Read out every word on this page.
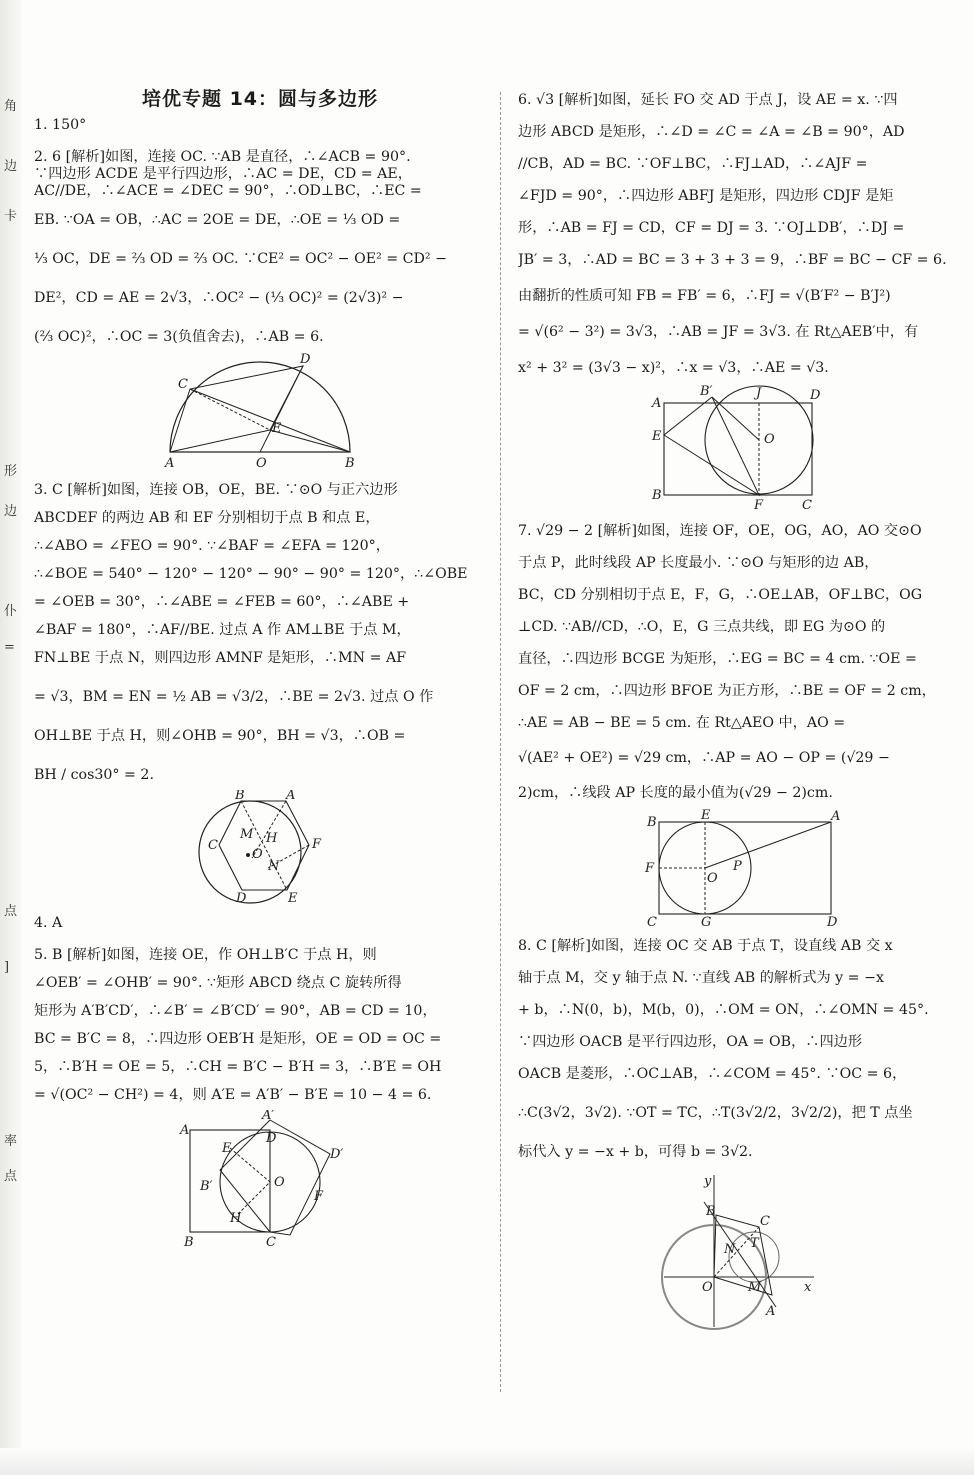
角
边
卡
形
边
仆
=
点
]
率
点
培优专题 14：圆与多边形
1. 150°
2. 6 [解析]如图，连接 OC. ∵AB 是直径，∴∠ACB = 90°.
∵四边形 ACDE 是平行四边形，∴AC = DE，CD = AE，
AC//DE，∴∠ACE = ∠DEC = 90°，∴OD⊥BC，∴EC =
EB. ∵OA = OB，∴AC = 2OE = DE，∴OE = ⅓ OD =
⅓ OC，DE = ⅔ OD = ⅔ OC. ∵CE² = OC² − OE² = CD² −
DE²，CD = AE = 2√3，∴OC² − (⅓ OC)² = (2√3)² −
(⅔ OC)²，∴OC = 3(负值舍去)，∴AB = 6.
C
D
E
A	O	B
3. C [解析]如图，连接 OB，OE，BE. ∵⊙O 与正六边形
ABCDEF 的两边 AB 和 EF 分别相切于点 B 和点 E，
∴∠ABO = ∠FEO = 90°. ∵∠BAF = ∠EFA = 120°，
∴∠BOE = 540° − 120° − 120° − 90° − 90° = 120°，∴∠OBE
= ∠OEB = 30°，∴∠ABE = ∠FEB = 60°，∴∠ABE +
∠BAF = 180°，∴AF//BE. 过点 A 作 AM⊥BE 于点 M，
FN⊥BE 于点 N，则四边形 AMNF 是矩形，∴MN = AF
= √3，BM = EN = ½ AB = √3/2，∴BE = 2√3. 过点 O 作
OH⊥BE 于点 H，则∠OHB = 90°，BH = √3，∴OB =
BH / cos30° = 2.
B	A
M H
C
O
N
F
D	E
4. A
5. B [解析]如图，连接 OE，作 OH⊥B′C 于点 H，则
∠OEB′ = ∠OHB′ = 90°. ∵矩形 ABCD 绕点 C 旋转所得
矩形为 A′B′CD′，∴∠B′ = ∠B′CD′ = 90°，AB = CD = 10，
BC = B′C = 8，∴四边形 OEB′H 是矩形，OE = OD = OC =
5，∴B′H = OE = 5，∴CH = B′C − B′H = 3，∴B′E = OH
= √(OC² − CH²) = 4，则 A′E = A′B′ − B′E = 10 − 4 = 6.
A′
A
D
E	D′
O
B′
F
H
B	C
6. √3 [解析]如图，延长 FO 交 AD 于点 J，设 AE = x. ∵四
边形 ABCD 是矩形，∴∠D = ∠C = ∠A = ∠B = 90°，AD
//CB，AD = BC. ∵OF⊥BC，∴FJ⊥AD，∴∠AJF =
∠FJD = 90°，∴四边形 ABFJ 是矩形，四边形 CDJF 是矩
形，∴AB = FJ = CD，CF = DJ = 3. ∵OJ⊥DB′，∴DJ =
JB′ = 3，∴AD = BC = 3 + 3 + 3 = 9，∴BF = BC − CF = 6.
由翻折的性质可知 FB = FB′ = 6，∴FJ = √(B′F² − B′J²)
= √(6² − 3²) = 3√3，∴AB = JF = 3√3. 在 Rt△AEB′中，有
x² + 3² = (3√3 − x)²，∴x = √3，∴AE = √3.
A
B′	J	D
E	O
B
F	C
7. √29 − 2 [解析]如图，连接 OF，OE，OG，AO，AO 交⊙O
于点 P，此时线段 AP 长度最小. ∵⊙O 与矩形的边 AB，
BC，CD 分别相切于点 E，F，G，∴OE⊥AB，OF⊥BC，OG
⊥CD. ∵AB//CD，∴O，E，G 三点共线，即 EG 为⊙O 的
直径，∴四边形 BCGE 为矩形，∴EG = BC = 4 cm. ∵OE =
OF = 2 cm，∴四边形 BFOE 为正方形，∴BE = OF = 2 cm，
∴AE = AB − BE = 5 cm. 在 Rt△AEO 中，AO =
√(AE² + OE²) = √29 cm，∴AP = AO − OP = (√29 −
2)cm，∴线段 AP 长度的最小值为(√29 − 2)cm.
B	E	A
F
O
P
C	G	D
8. C [解析]如图，连接 OC 交 AB 于点 T，设直线 AB 交 x
轴于点 M，交 y 轴于点 N. ∵直线 AB 的解析式为 y = −x
+ b，∴N(0，b)，M(b，0)，∴OM = ON，∴∠OMN = 45°.
∵四边形 OACB 是平行四边形，OA = OB，∴四边形
OACB 是菱形，∴OC⊥AB，∴∠COM = 45°. ∵OC = 6，
∴C(3√2，3√2). ∵OT = TC，∴T(3√2/2，3√2/2)，把 T 点坐
标代入 y = −x + b，可得 b = 3√2.
y
B
C
N T
O	M	x
A
